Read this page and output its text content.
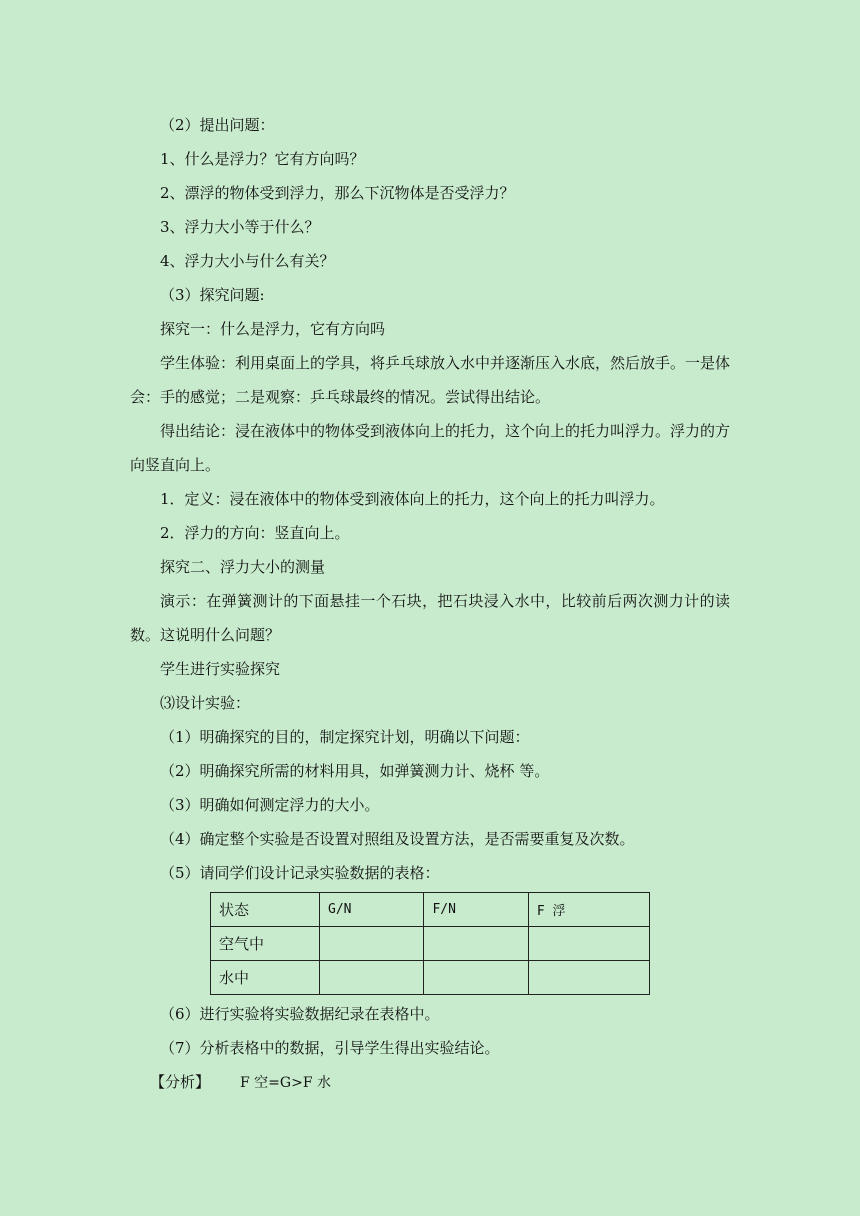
（2）提出问题：
1、什么是浮力？它有方向吗？
2、漂浮的物体受到浮力，那么下沉物体是否受浮力？
3、浮力大小等于什么？
4、浮力大小与什么有关？
（3）探究问题:
探究一：什么是浮力，它有方向吗
学生体验：利用桌面上的学具，将乒乓球放入水中并逐渐压入水底，然后放手。一是体会：手的感觉；二是观察：乒乓球最终的情况。尝试得出结论。
得出结论：浸在液体中的物体受到液体向上的托力，这个向上的托力叫浮力。浮力的方向竖直向上。
1．定义：浸在液体中的物体受到液体向上的托力，这个向上的托力叫浮力。
2．浮力的方向：竖直向上。
探究二、浮力大小的测量
演示：在弹簧测计的下面悬挂一个石块，把石块浸入水中，比较前后两次测力计的读数。这说明什么问题？
学生进行实验探究
⑶设计实验：
（1）明确探究的目的，制定探究计划，明确以下问题：
（2）明确探究所需的材料用具，如弹簧测力计、烧杯 等。
（3）明确如何测定浮力的大小。
（4）确定整个实验是否设置对照组及设置方法，是否需要重复及次数。
（5）请同学们设计记录实验数据的表格：
状态	G/N	F/N	F 浮
空气中			
水中			
（6）进行实验将实验数据纪录在表格中。
（7）分析表格中的数据，引导学生得出实验结论。
【分析】 F 空=G>F 水
